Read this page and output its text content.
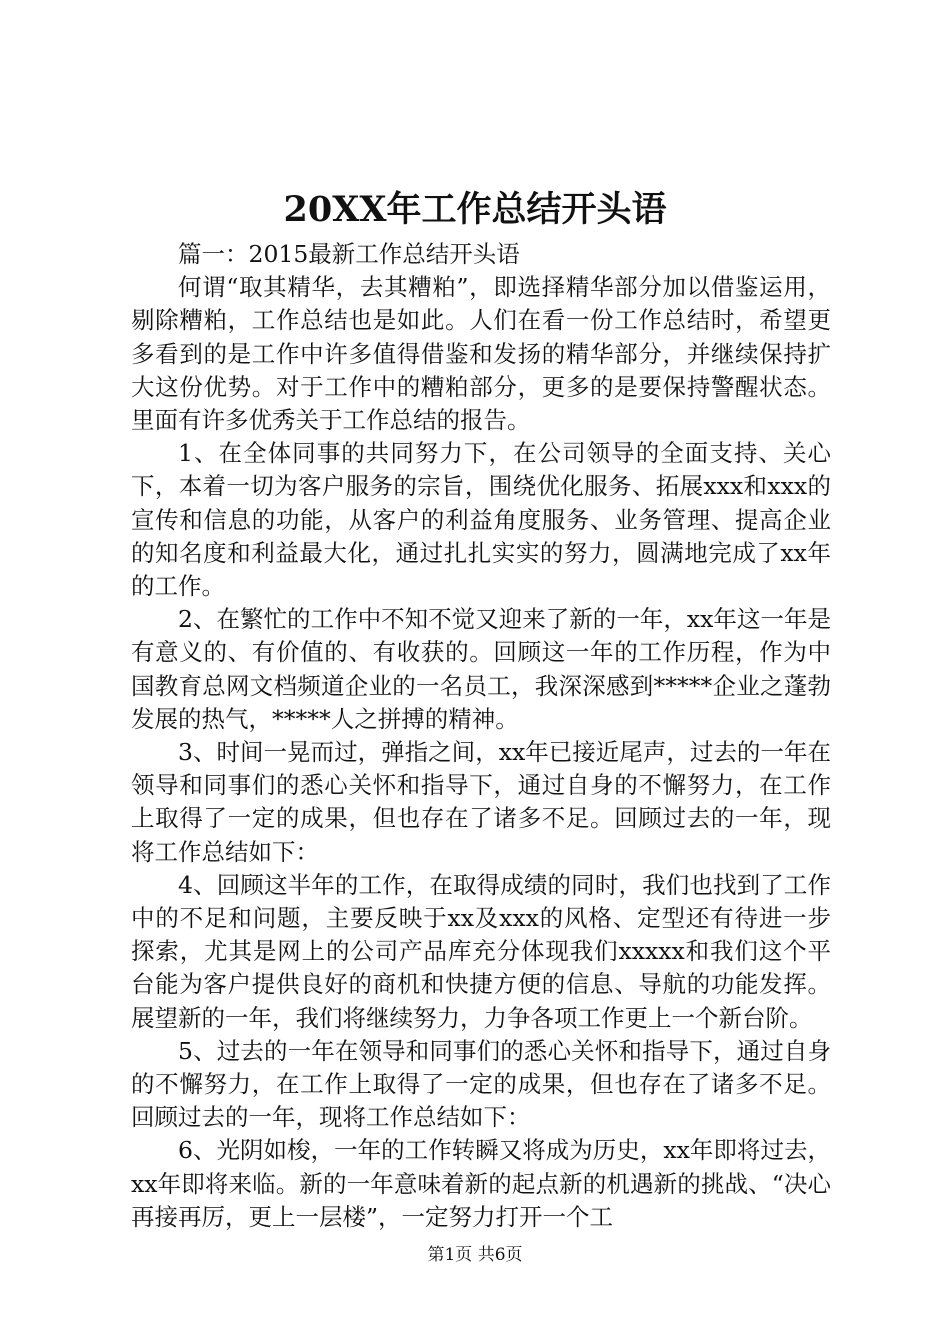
20XX年工作总结开头语

篇一：2015最新工作总结开头语

何谓“取其精华，去其糟粕”，即选择精华部分加以借鉴运用，剔除糟粕，工作总结也是如此。人们在看一份工作总结时，希望更多看到的是工作中许多值得借鉴和发扬的精华部分，并继续保持扩大这份优势。对于工作中的糟粕部分，更多的是要保持警醒状态。里面有许多优秀关于工作总结的报告。

1、在全体同事的共同努力下，在公司领导的全面支持、关心下，本着一切为客户服务的宗旨，围绕优化服务、拓展xxx和xxx的宣传和信息的功能，从客户的利益角度服务、业务管理、提高企业的知名度和利益最大化，通过扎扎实实的努力，圆满地完成了xx年的工作。

2、在繁忙的工作中不知不觉又迎来了新的一年，xx年这一年是有意义的、有价值的、有收获的。回顾这一年的工作历程，作为中国教育总网文档频道企业的一名员工，我深深感到*****企业之蓬勃发展的热气，*****人之拼搏的精神。

3、时间一晃而过，弹指之间，xx年已接近尾声，过去的一年在领导和同事们的悉心关怀和指导下，通过自身的不懈努力，在工作上取得了一定的成果，但也存在了诸多不足。回顾过去的一年，现将工作总结如下：

4、回顾这半年的工作，在取得成绩的同时，我们也找到了工作中的不足和问题，主要反映于xx及xxx的风格、定型还有待进一步探索，尤其是网上的公司产品库充分体现我们xxxxx和我们这个平台能为客户提供良好的商机和快捷方便的信息、导航的功能发挥。展望新的一年，我们将继续努力，力争各项工作更上一个新台阶。

5、过去的一年在领导和同事们的悉心关怀和指导下，通过自身的不懈努力，在工作上取得了一定的成果，但也存在了诸多不足。回顾过去的一年，现将工作总结如下：

6、光阴如梭，一年的工作转瞬又将成为历史，xx年即将过去，xx年即将来临。新的一年意味着新的起点新的机遇新的挑战、“决心再接再厉，更上一层楼”，一定努力打开一个工

第1页 共6页
